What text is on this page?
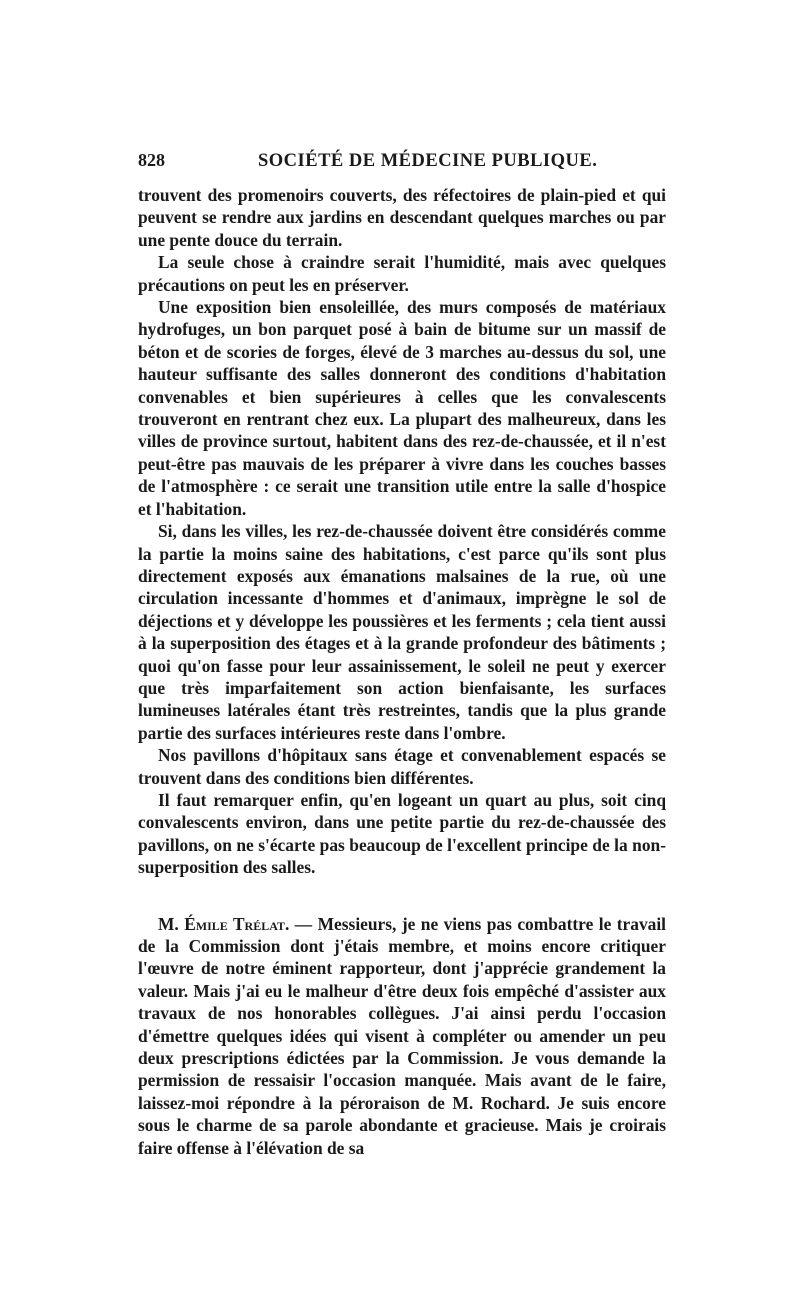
828	SOCIÉTÉ DE MÉDECINE PUBLIQUE.

trouvent des promenoirs couverts, des réfectoires de plain-pied et qui peuvent se rendre aux jardins en descendant quelques marches ou par une pente douce du terrain.

La seule chose à craindre serait l'humidité, mais avec quelques précautions on peut les en préserver.

Une exposition bien ensoleillée, des murs composés de matériaux hydrofuges, un bon parquet posé à bain de bitume sur un massif de béton et de scories de forges, élevé de 3 marches au-dessus du sol, une hauteur suffisante des salles donneront des conditions d'habitation convenables et bien supérieures à celles que les convalescents trouveront en rentrant chez eux. La plupart des malheureux, dans les villes de province surtout, habitent dans des rez-de-chaussée, et il n'est peut-être pas mauvais de les préparer à vivre dans les couches basses de l'atmosphère : ce serait une transition utile entre la salle d'hospice et l'habitation.

Si, dans les villes, les rez-de-chaussée doivent être considérés comme la partie la moins saine des habitations, c'est parce qu'ils sont plus directement exposés aux émanations malsaines de la rue, où une circulation incessante d'hommes et d'animaux, imprègne le sol de déjections et y développe les poussières et les ferments ; cela tient aussi à la superposition des étages et à la grande profondeur des bâtiments ; quoi qu'on fasse pour leur assainissement, le soleil ne peut y exercer que très imparfaitement son action bienfaisante, les surfaces lumineuses latérales étant très restreintes, tandis que la plus grande partie des surfaces intérieures reste dans l'ombre.

Nos pavillons d'hôpitaux sans étage et convenablement espacés se trouvent dans des conditions bien différentes.

Il faut remarquer enfin, qu'en logeant un quart au plus, soit cinq convalescents environ, dans une petite partie du rez-de-chaussée des pavillons, on ne s'écarte pas beaucoup de l'excellent principe de la non-superposition des salles.

M. Émile Trélat. — Messieurs, je ne viens pas combattre le travail de la Commission dont j'étais membre, et moins encore critiquer l'œuvre de notre éminent rapporteur, dont j'apprécie grandement la valeur. Mais j'ai eu le malheur d'être deux fois empêché d'assister aux travaux de nos honorables collègues. J'ai ainsi perdu l'occasion d'émettre quelques idées qui visent à compléter ou amender un peu deux prescriptions édictées par la Commission. Je vous demande la permission de ressaisir l'occasion manquée. Mais avant de le faire, laissez-moi répondre à la péroraison de M. Rochard. Je suis encore sous le charme de sa parole abondante et gracieuse. Mais je croirais faire offense à l'élévation de sa
